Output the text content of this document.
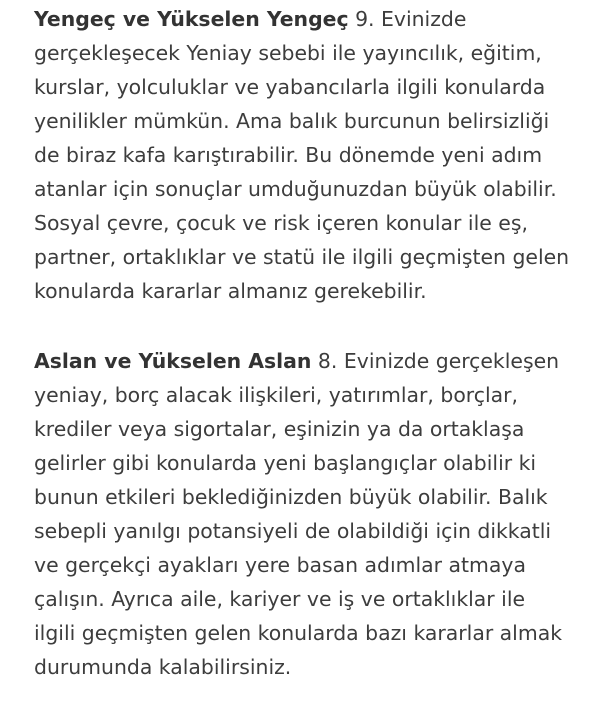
Yengeç ve Yükselen Yengeç 9. Evinizde
gerçekleşecek Yeniay sebebi ile yayıncılık, eğitim,
kurslar, yolculuklar ve yabancılarla ilgili konularda
yenilikler mümkün. Ama balık burcunun belirsizliği
de biraz kafa karıştırabilir. Bu dönemde yeni adım
atanlar için sonuçlar umduğunuzdan büyük olabilir.
Sosyal çevre, çocuk ve risk içeren konular ile eş,
partner, ortaklıklar ve statü ile ilgili geçmişten gelen
konularda kararlar almanız gerekebilir.

Aslan ve Yükselen Aslan 8. Evinizde gerçekleşen
yeniay, borç alacak ilişkileri, yatırımlar, borçlar,
krediler veya sigortalar, eşinizin ya da ortaklaşa
gelirler gibi konularda yeni başlangıçlar olabilir ki
bunun etkileri beklediğinizden büyük olabilir. Balık
sebepli yanılgı potansiyeli de olabildiği için dikkatli
ve gerçekçi ayakları yere basan adımlar atmaya
çalışın. Ayrıca aile, kariyer ve iş ve ortaklıklar ile
ilgili geçmişten gelen konularda bazı kararlar almak
durumunda kalabilirsiniz.
